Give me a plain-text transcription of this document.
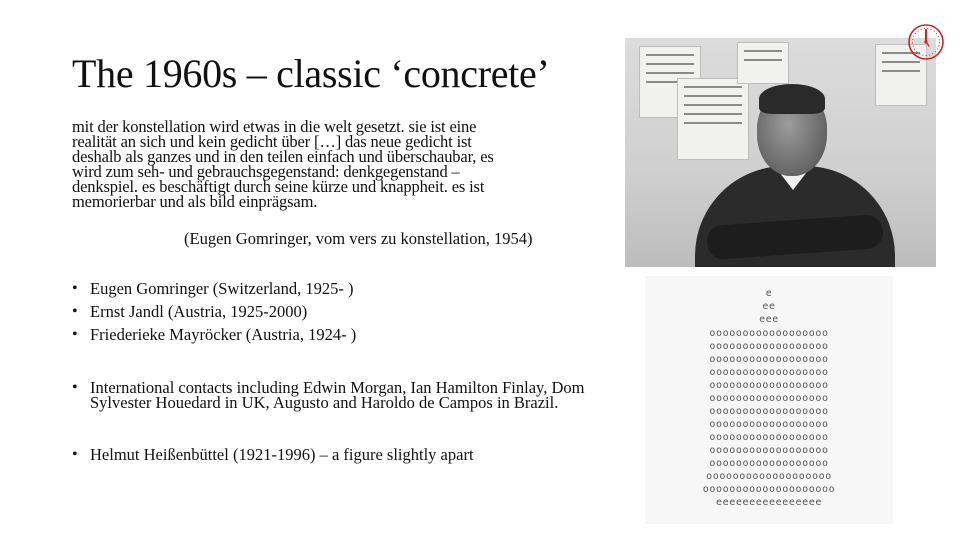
The 1960s – classic ‘concrete’
mit der konstellation wird etwas in die welt gesetzt. sie ist eine
realität an sich und kein gedicht über […] das neue gedicht ist
deshalb als ganzes und in den teilen einfach und überschaubar, es
wird zum seh- und gebrauchsgegenstand: denkgegenstand –
denkspiel. es beschäftigt durch seine kürze und knappheit. es ist
memorierbar und als bild einprägsam.
(Eugen Gomringer, vom vers zu konstellation, 1954)
• Eugen Gomringer (Switzerland, 1925- )
• Ernst Jandl (Austria, 1925-2000)
• Friederieke Mayröcker (Austria, 1924- )
• International contacts including Edwin Morgan, Ian Hamilton Finlay, Dom Sylvester Houedard in UK, Augusto and Haroldo de Campos in Brazil.
• Helmut Heißenbüttel (1921-1996) – a figure slightly apart
e
ee
eee
oooooooooooooooooo
oooooooooooooooooo
oooooooooooooooooo
oooooooooooooooooo
oooooooooooooooooo
oooooooooooooooooo
oooooooooooooooooo
oooooooooooooooooo
oooooooooooooooooo
oooooooooooooooooo
oooooooooooooooooo
ooooooooooooooooooo
oooooooooooooooooooo
eeeeeeeeeeeeeeee
